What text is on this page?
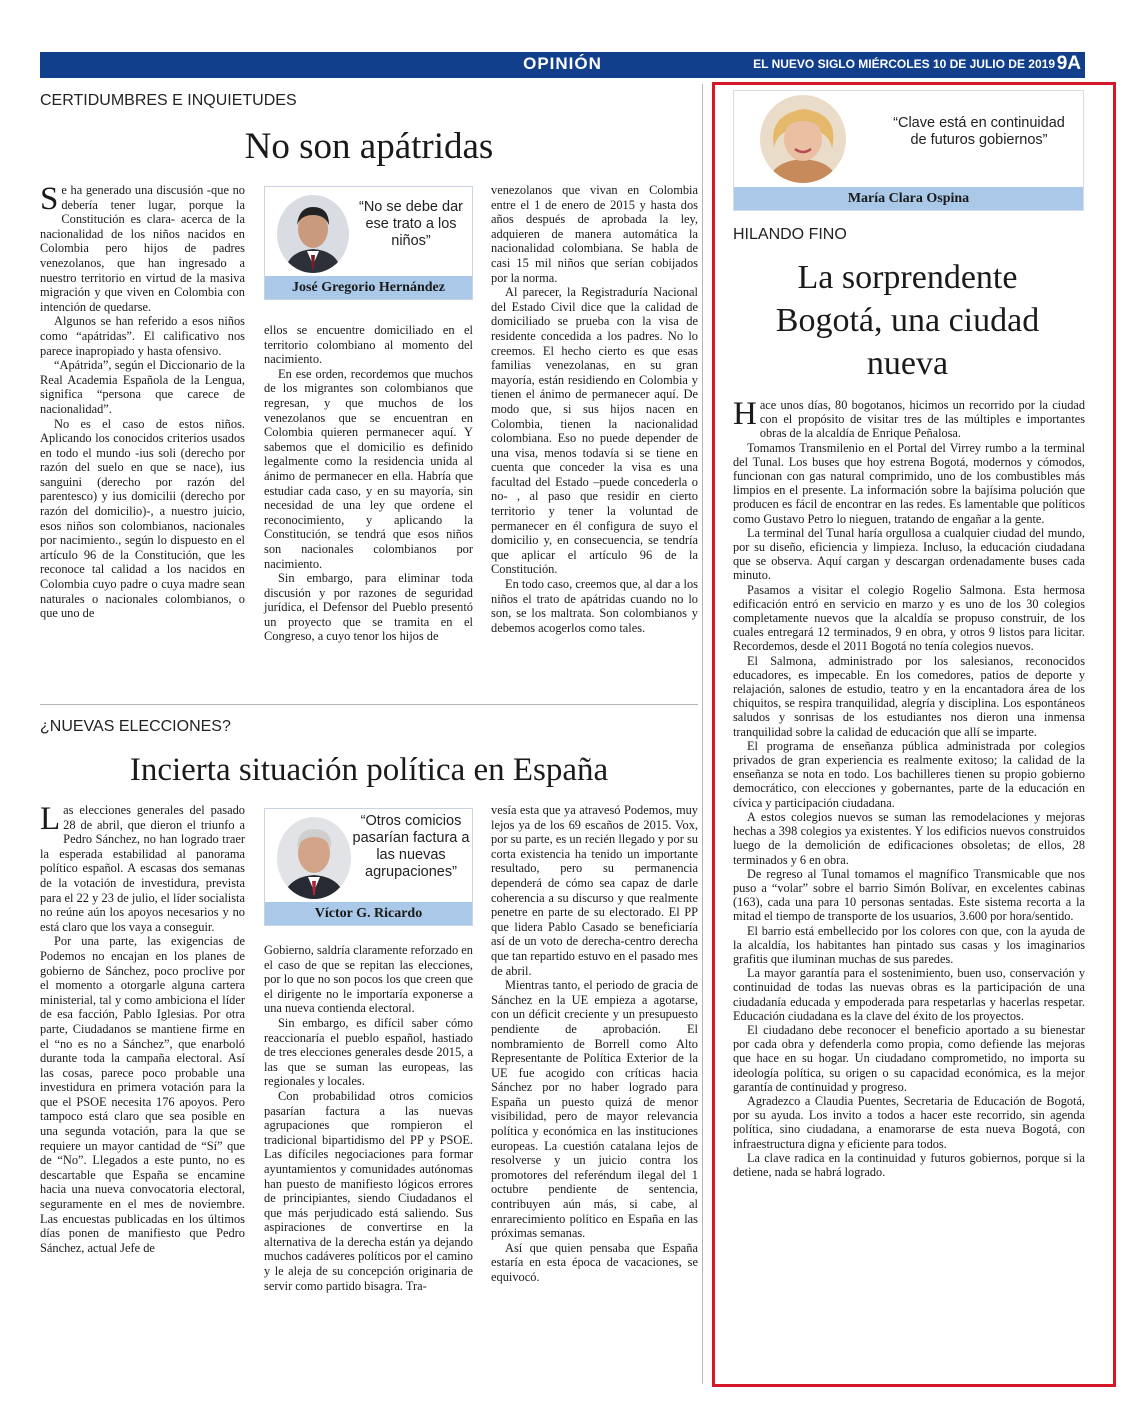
OPINIÓN	EL NUEVO SIGLO MIÉRCOLES 10 DE JULIO DE 2019 9A
CERTIDUMBRES E INQUIETUDES
No son apátridas

Se ha generado una discusión -que no debería tener lugar, porque la Constitución es clara- acerca de la nacionalidad de los niños nacidos en Colombia pero hijos de padres venezolanos, que han ingresado a nuestro territorio en virtud de la masiva migración y que viven en Colombia con intención de quedarse.

Algunos se han referido a esos niños como “apátridas”. El calificativo nos parece inapropiado y hasta ofensivo.

“Apátrida”, según el Diccionario de la Real Academia Española de la Lengua, significa “persona que carece de nacionalidad”.

No es el caso de estos niños. Aplicando los conocidos criterios usados en todo el mundo -ius soli (derecho por razón del suelo en que se nace), ius sanguini (derecho por razón del parentesco) y ius domicilii (derecho por razón del domicilio)-, a nuestro juicio, esos niños son colombianos, nacionales por nacimiento., según lo dispuesto en el artículo 96 de la Constitución, que les reconoce tal calidad a los nacidos en Colombia cuyo padre o cuya madre sean naturales o nacionales colombianos, o que uno de

“No se debe dar ese trato a los niños”
José Gregorio Hernández

ellos se encuentre domiciliado en el territorio colombiano al momento del nacimiento.

En ese orden, recordemos que muchos de los migrantes son colombianos que regresan, y que muchos de los venezolanos que se encuentran en Colombia quieren permanecer aquí. Y sabemos que el domicilio es definido legalmente como la residencia unida al ánimo de permanecer en ella. Habría que estudiar cada caso, y en su mayoría, sin necesidad de una ley que ordene el reconocimiento, y aplicando la Constitución, se tendrá que esos niños son nacionales colombianos por nacimiento.

Sin embargo, para eliminar toda discusión y por razones de seguridad jurídica, el Defensor del Pueblo presentó un proyecto que se tramita en el Congreso, a cuyo tenor los hijos de

venezolanos que vivan en Colombia entre el 1 de enero de 2015 y hasta dos años después de aprobada la ley, adquieren de manera automática la nacionalidad colombiana. Se habla de casi 15 mil niños que serían cobijados por la norma.

Al parecer, la Registraduría Nacional del Estado Civil dice que la calidad de domiciliado se prueba con la visa de residente concedida a los padres. No lo creemos. El hecho cierto es que esas familias venezolanas, en su gran mayoría, están residiendo en Colombia y tienen el ánimo de permanecer aquí. De modo que, si sus hijos nacen en Colombia, tienen la nacionalidad colombiana. Eso no puede depender de una visa, menos todavía si se tiene en cuenta que conceder la visa es una facultad del Estado –puede concederla o no- , al paso que residir en cierto territorio y tener la voluntad de permanecer en él configura de suyo el domicilio y, en consecuencia, se tendría que aplicar el artículo 96 de la Constitución.

En todo caso, creemos que, al dar a los niños el trato de apátridas cuando no lo son, se los maltrata. Son colombianos y debemos acogerlos como tales.

¿NUEVAS ELECCIONES?
Incierta situación política en España

Las elecciones generales del pasado 28 de abril, que dieron el triunfo a Pedro Sánchez, no han logrado traer la esperada estabilidad al panorama político español. A escasas dos semanas de la votación de investidura, prevista para el 22 y 23 de julio, el líder socialista no reúne aún los apoyos necesarios y no está claro que los vaya a conseguir.

Por una parte, las exigencias de Podemos no encajan en los planes de gobierno de Sánchez, poco proclive por el momento a otorgarle alguna cartera ministerial, tal y como ambiciona el líder de esa facción, Pablo Iglesias. Por otra parte, Ciudadanos se mantiene firme en el “no es no a Sánchez”, que enarboló durante toda la campaña electoral. Así las cosas, parece poco probable una investidura en primera votación para la que el PSOE necesita 176 apoyos. Pero tampoco está claro que sea posible en una segunda votación, para la que se requiere un mayor cantidad de “Sí” que de “No”. Llegados a este punto, no es descartable que España se encamine hacia una nueva convocatoria electoral, seguramente en el mes de noviembre. Las encuestas publicadas en los últimos días ponen de manifiesto que Pedro Sánchez, actual Jefe de

“Otros comicios pasarían factura a las nuevas agrupaciones”
Víctor G. Ricardo

Gobierno, saldría claramente reforzado en el caso de que se repitan las elecciones, por lo que no son pocos los que creen que el dirigente no le importaría exponerse a una nueva contienda electoral.

Sin embargo, es difícil saber cómo reaccionaría el pueblo español, hastiado de tres elecciones generales desde 2015, a las que se suman las europeas, las regionales y locales.

Con probabilidad otros comicios pasarían factura a las nuevas agrupaciones que rompieron el tradicional bipartidismo del PP y PSOE. Las difíciles negociaciones para formar ayuntamientos y comunidades autónomas han puesto de manifiesto lógicos errores de principiantes, siendo Ciudadanos el que más perjudicado está saliendo. Sus aspiraciones de convertirse en la alternativa de la derecha están ya dejando muchos cadáveres políticos por el camino y le aleja de su concepción originaria de servir como partido bisagra. Tra-

vesía esta que ya atravesó Podemos, muy lejos ya de los 69 escaños de 2015. Vox, por su parte, es un recién llegado y por su corta existencia ha tenido un importante resultado, pero su permanencia dependerá de cómo sea capaz de darle coherencia a su discurso y que realmente penetre en parte de su electorado. El PP que lidera Pablo Casado se beneficiaría así de un voto de derecha-centro derecha que tan repartido estuvo en el pasado mes de abril.

Mientras tanto, el periodo de gracia de Sánchez en la UE empieza a agotarse, con un déficit creciente y un presupuesto pendiente de aprobación. El nombramiento de Borrell como Alto Representante de Política Exterior de la UE fue acogido con críticas hacia Sánchez por no haber logrado para España un puesto quizá de menor visibilidad, pero de mayor relevancia política y económica en las instituciones europeas. La cuestión catalana lejos de resolverse y un juicio contra los promotores del referéndum ilegal del 1 octubre pendiente de sentencia, contribuyen aún más, si cabe, al enrarecimiento político en España en las próximas semanas.

Así que quien pensaba que España estaría en esta época de vacaciones, se equivocó.

“Clave está en continuidad de futuros gobiernos”
María Clara Ospina
HILANDO FINO
La sorprendente Bogotá, una ciudad nueva

Hace unos días, 80 bogotanos, hicimos un recorrido por la ciudad con el propósito de visitar tres de las múltiples e importantes obras de la alcaldía de Enrique Peñalosa.

Tomamos Transmilenio en el Portal del Virrey rumbo a la terminal del Tunal. Los buses que hoy estrena Bogotá, modernos y cómodos, funcionan con gas natural comprimido, uno de los combustibles más limpios en el presente. La información sobre la bajísima polución que producen es fácil de encontrar en las redes. Es lamentable que políticos como Gustavo Petro lo nieguen, tratando de engañar a la gente.

La terminal del Tunal haría orgullosa a cualquier ciudad del mundo, por su diseño, eficiencia y limpieza. Incluso, la educación ciudadana que se observa. Aquí cargan y descargan ordenadamente buses cada minuto.

Pasamos a visitar el colegio Rogelio Salmona. Esta hermosa edificación entró en servicio en marzo y es uno de los 30 colegios completamente nuevos que la alcaldía se propuso construir, de los cuales entregará 12 terminados, 9 en obra, y otros 9 listos para licitar. Recordemos, desde el 2011 Bogotá no tenía colegios nuevos.

El Salmona, administrado por los salesianos, reconocidos educadores, es impecable. En los comedores, patios de deporte y relajación, salones de estudio, teatro y en la encantadora área de los chiquitos, se respira tranquilidad, alegría y disciplina. Los espontáneos saludos y sonrisas de los estudiantes nos dieron una inmensa tranquilidad sobre la calidad de educación que allí se imparte.

El programa de enseñanza pública administrada por colegios privados de gran experiencia es realmente exitoso; la calidad de la enseñanza se nota en todo. Los bachilleres tienen su propio gobierno democrático, con elecciones y gobernantes, parte de la educación en cívica y participación ciudadana.

A estos colegios nuevos se suman las remodelaciones y mejoras hechas a 398 colegios ya existentes. Y los edificios nuevos construidos luego de la demolición de edificaciones obsoletas; de ellos, 28 terminados y 6 en obra.

De regreso al Tunal tomamos el magnífico Transmicable que nos puso a “volar” sobre el barrio Simón Bolívar, en excelentes cabinas (163), cada una para 10 personas sentadas. Este sistema recorta a la mitad el tiempo de transporte de los usuarios, 3.600 por hora/sentido.

El barrio está embellecido por los colores con que, con la ayuda de la alcaldía, los habitantes han pintado sus casas y los imaginarios grafitis que iluminan muchas de sus paredes.

La mayor garantía para el sostenimiento, buen uso, conservación y continuidad de todas las nuevas obras es la participación de una ciudadanía educada y empoderada para respetarlas y hacerlas respetar. Educación ciudadana es la clave del éxito de los proyectos.

El ciudadano debe reconocer el beneficio aportado a su bienestar por cada obra y defenderla como propia, como defiende las mejoras que hace en su hogar. Un ciudadano comprometido, no importa su ideología política, su origen o su capacidad económica, es la mejor garantía de continuidad y progreso.

Agradezco a Claudia Puentes, Secretaria de Educación de Bogotá, por su ayuda. Los invito a todos a hacer este recorrido, sin agenda política, sino ciudadana, a enamorarse de esta nueva Bogotá, con infraestructura digna y eficiente para todos.

La clave radica en la continuidad y futuros gobiernos, porque si la detiene, nada se habrá logrado.
